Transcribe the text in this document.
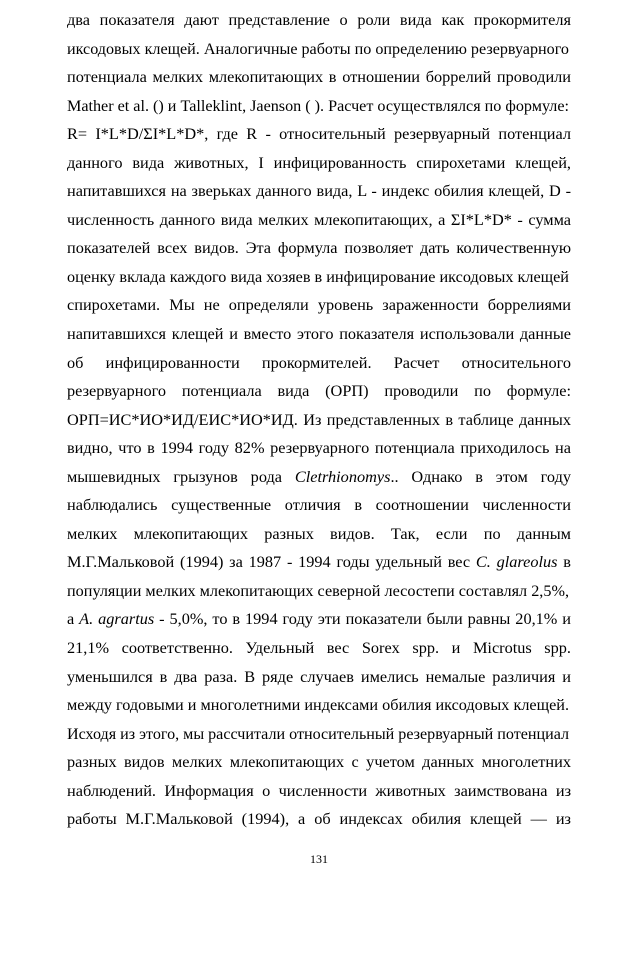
два показателя дают представление о роли вида как прокормителя
иксодовых клещей. Аналогичные работы по определению резервуарного
потенциала мелких млекопитающих в отношении боррелий проводили
Mather et al. () и Talleklint, Jaenson ( ). Расчет осуществлялся по формуле:
R= I*L*D/ΣI*L*D*, где R - относительный резервуарный потенциал
данного вида животных, I инфицированность спирохетами клещей,
напитавшихся на зверьках данного вида, L - индекс обилия клещей, D -
численность данного вида мелких млекопитающих, а ΣI*L*D* - сумма
показателей всех видов. Эта формула позволяет дать количественную
оценку вклада каждого вида хозяев в инфицирование иксодовых клещей
спирохетами. Мы не определяли уровень зараженности боррелиями
напитавшихся клещей и вместо этого показателя использовали данные
об инфицированности прокормителей. Расчет относительного
резервуарного потенциала вида (ОРП) проводили по формуле:
ОРП=ИС*ИО*ИД/ЕИС*ИО*ИД. Из представленных в таблице данных
видно, что в 1994 году 82% резервуарного потенциала приходилось на
мышевидных грызунов рода Cletrhionomys.. Однако в этом году
наблюдались существенные отличия в соотношении численности
мелких млекопитающих разных видов. Так, если по данным
М.Г.Мальковой (1994) за 1987 - 1994 годы удельный вес C. glareolus в
популяции мелких млекопитающих северной лесостепи составлял 2,5%,
а A. agrartus - 5,0%, то в 1994 году эти показатели были равны 20,1% и
21,1% соответственно. Удельный вес Sorex spp. и Microtus spp.
уменьшился в два раза. В ряде случаев имелись немалые различия и
между годовыми и многолетними индексами обилия иксодовых клещей.
Исходя из этого, мы рассчитали относительный резервуарный потенциал
разных видов мелких млекопитающих с учетом данных многолетних
наблюдений. Информация о численности животных заимствована из
работы М.Г.Мальковой (1994), а об индексах обилия клещей — из
131
